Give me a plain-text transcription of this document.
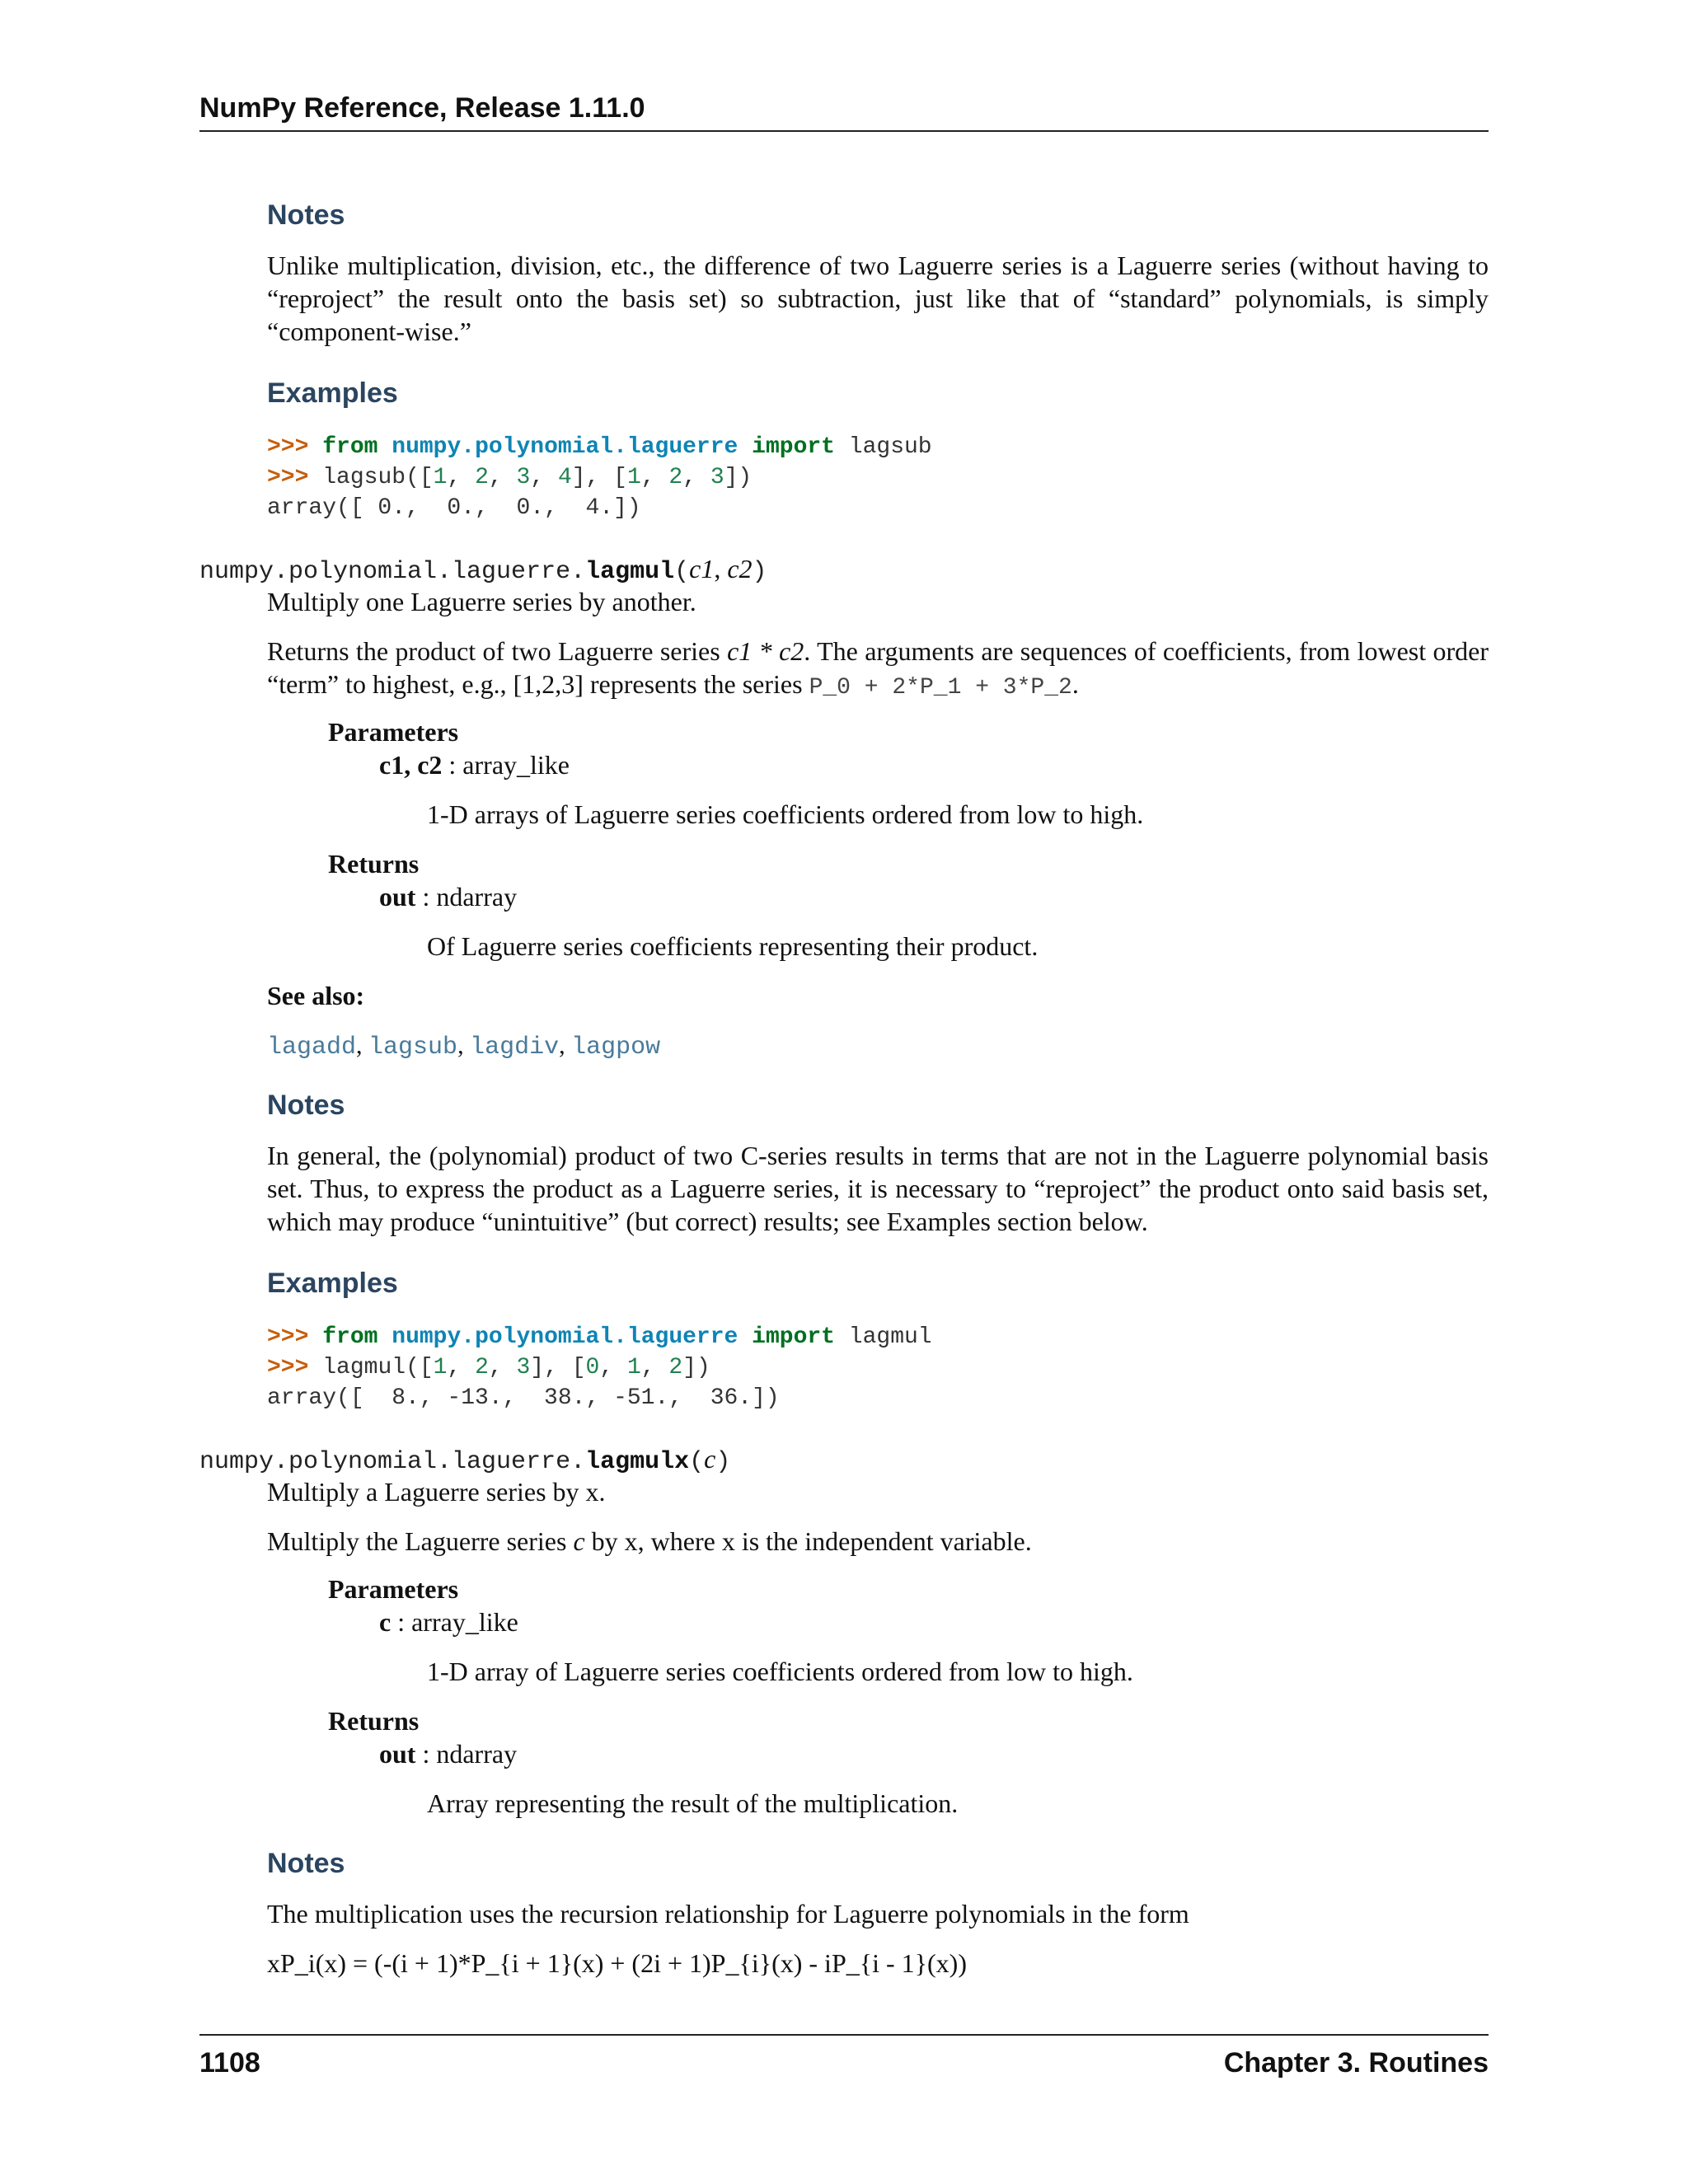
NumPy Reference, Release 1.11.0
Notes
Unlike multiplication, division, etc., the difference of two Laguerre series is a Laguerre series (without having to “reproject” the result onto the basis set) so subtraction, just like that of “standard” polynomials, is simply “component-wise.”
Examples
>>> from numpy.polynomial.laguerre import lagsub
>>> lagsub([1, 2, 3, 4], [1, 2, 3])
array([ 0.,  0.,  0.,  4.])
numpy.polynomial.laguerre.lagmul(c1, c2)
Multiply one Laguerre series by another.
Returns the product of two Laguerre series c1 * c2. The arguments are sequences of coefficients, from lowest order “term” to highest, e.g., [1,2,3] represents the series P_0 + 2*P_1 + 3*P_2.
Parameters
c1, c2 : array_like
1-D arrays of Laguerre series coefficients ordered from low to high.
Returns
out : ndarray
Of Laguerre series coefficients representing their product.
See also:
lagadd, lagsub, lagdiv, lagpow
Notes
In general, the (polynomial) product of two C-series results in terms that are not in the Laguerre polynomial basis set. Thus, to express the product as a Laguerre series, it is necessary to “reproject” the product onto said basis set, which may produce “unintuitive” (but correct) results; see Examples section below.
Examples
>>> from numpy.polynomial.laguerre import lagmul
>>> lagmul([1, 2, 3], [0, 1, 2])
array([  8., -13.,  38., -51.,  36.])
numpy.polynomial.laguerre.lagmulx(c)
Multiply a Laguerre series by x.
Multiply the Laguerre series c by x, where x is the independent variable.
Parameters
c : array_like
1-D array of Laguerre series coefficients ordered from low to high.
Returns
out : ndarray
Array representing the result of the multiplication.
Notes
The multiplication uses the recursion relationship for Laguerre polynomials in the form
xP_i(x) = (-(i + 1)*P_{i + 1}(x) + (2i + 1)P_{i}(x) - iP_{i - 1}(x))
1108	Chapter 3. Routines
